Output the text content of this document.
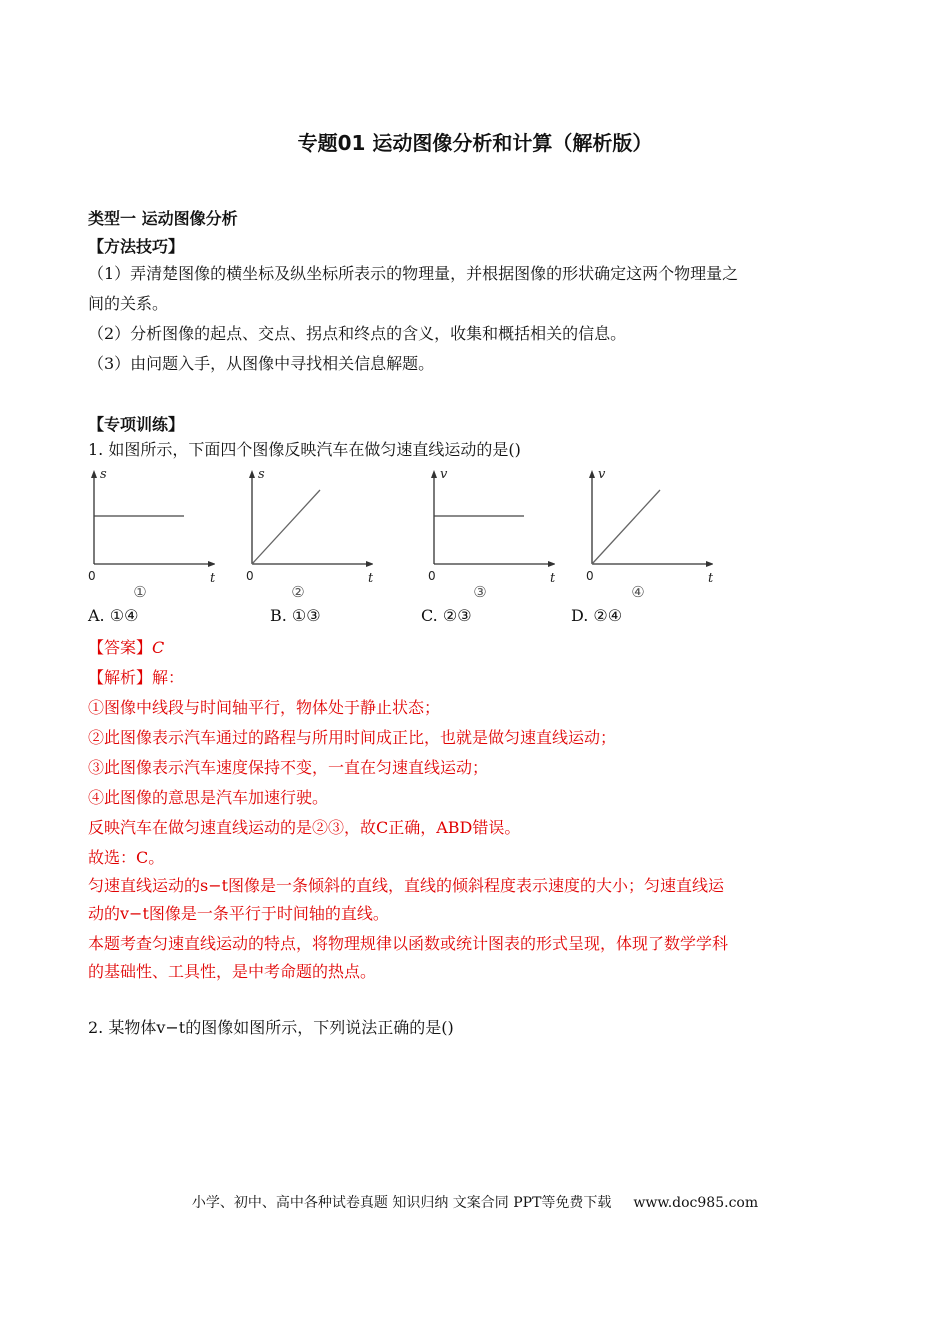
专题01 运动图像分析和计算（解析版）
类型一 运动图像分析
【方法技巧】
（1）弄清楚图像的横坐标及纵坐标所表示的物理量，并根据图像的形状确定这两个物理量之
间的关系。
（2）分析图像的起点、交点、拐点和终点的含义，收集和概括相关的信息。
（3）由问题入手，从图像中寻找相关信息解题。
【专项训练】
1. 如图所示，下面四个图像反映汽车在做匀速直线运动的是()
s
t
0
①
s
t
0
②
v
t
0
③
v
t
0
④
A. ①④	B. ①③	C. ②③	D. ②④
【答案】C
【解析】解：
①图像中线段与时间轴平行，物体处于静止状态；
②此图像表示汽车通过的路程与所用时间成正比，也就是做匀速直线运动；
③此图像表示汽车速度保持不变，一直在匀速直线运动；
④此图像的意思是汽车加速行驶。
反映汽车在做匀速直线运动的是②③，故C正确，ABD错误。
故选：C。
匀速直线运动的s−t图像是一条倾斜的直线，直线的倾斜程度表示速度的大小；匀速直线运
动的v−t图像是一条平行于时间轴的直线。
本题考查匀速直线运动的特点，将物理规律以函数或统计图表的形式呈现，体现了数学学科
的基础性、工具性，是中考命题的热点。
2. 某物体v−t的图像如图所示，下列说法正确的是()
小学、初中、高中各种试卷真题 知识归纳 文案合同 PPT等免费下载 www.doc985.com
